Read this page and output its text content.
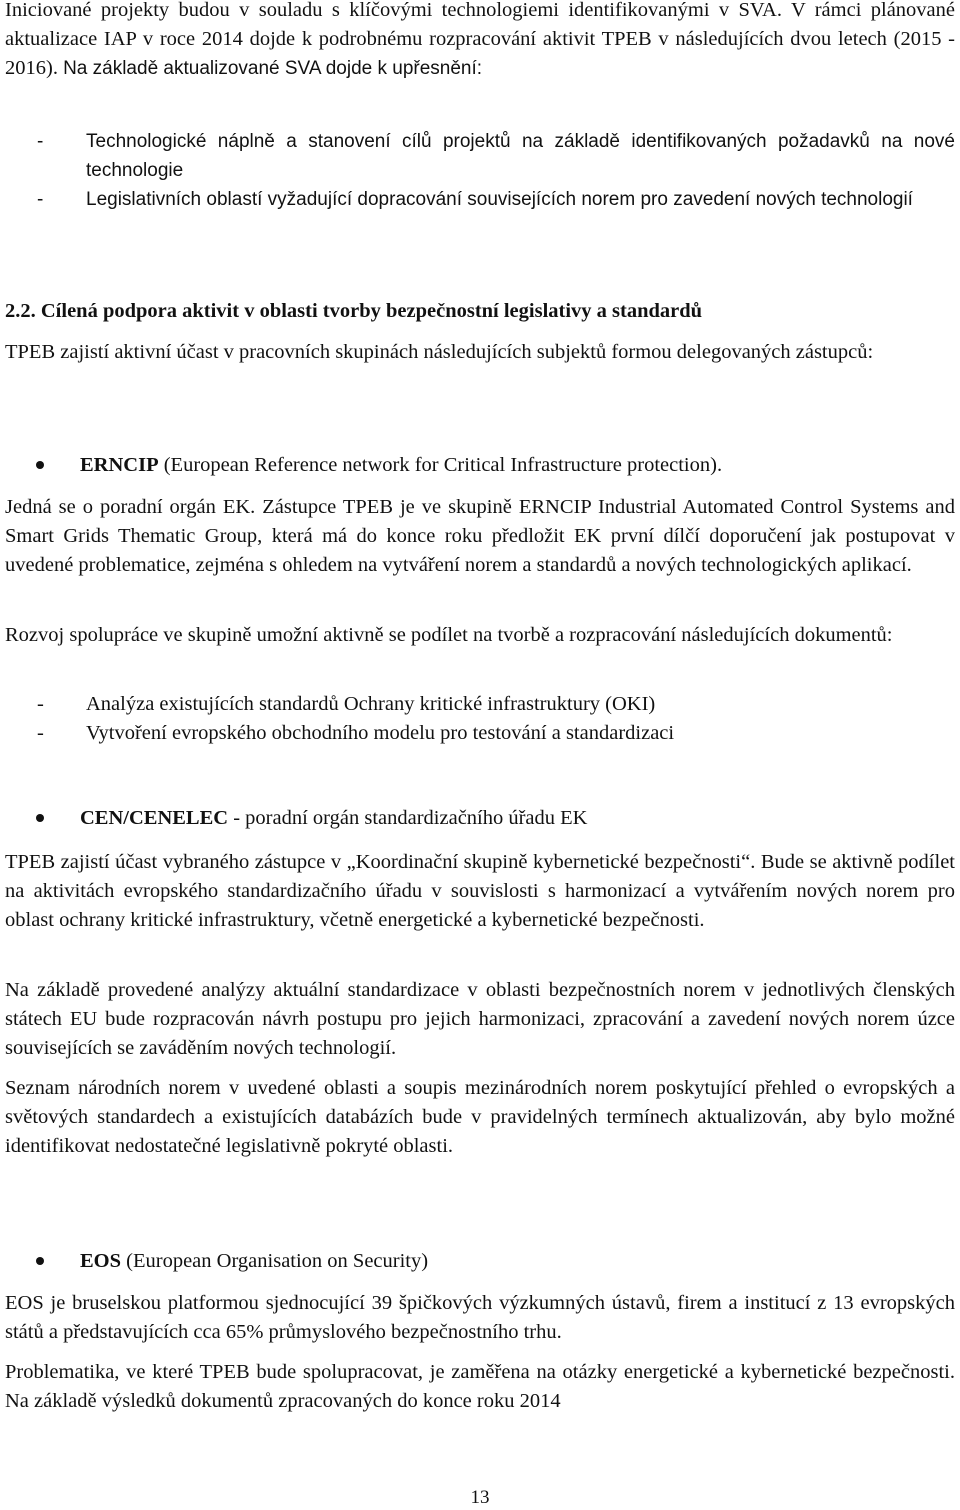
Iniciované projekty budou v souladu s klíčovými technologiemi identifikovanými v SVA. V rámci plánované aktualizace IAP v roce 2014 dojde k podrobnému rozpracování aktivit TPEB v následujících dvou letech (2015 - 2016). Na základě aktualizované SVA dojde k upřesnění:

- Technologické náplně a stanovení cílů projektů na základě identifikovaných požadavků na nové technologie
- Legislativních oblastí vyžadující dopracování souvisejících norem pro zavedení nových technologií

2.2. Cílená podpora aktivit v oblasti tvorby bezpečnostní legislativy a standardů

TPEB zajistí aktivní účast v pracovních skupinách následujících subjektů formou delegovaných zástupců:

ERNCIP (European Reference network for Critical Infrastructure protection).

Jedná se o poradní orgán EK. Zástupce TPEB je ve skupině ERNCIP Industrial Automated Control Systems and Smart Grids Thematic Group, která má do konce roku předložit EK první dílčí doporučení jak postupovat v uvedené problematice, zejména s ohledem na vytváření norem a standardů a nových technologických aplikací.

Rozvoj spolupráce ve skupině umožní aktivně se podílet na tvorbě a rozpracování následujících dokumentů:

- Analýza existujících standardů Ochrany kritické infrastruktury (OKI)
- Vytvoření evropského obchodního modelu pro testování a standardizaci
CEN/CENELEC - poradní orgán standardizačního úřadu EK

TPEB zajistí účast vybraného zástupce v „Koordinační skupině kybernetické bezpečnosti“. Bude se aktivně podílet na aktivitách evropského standardizačního úřadu v souvislosti s harmonizací a vytvářením nových norem pro oblast ochrany kritické infrastruktury, včetně energetické a kybernetické bezpečnosti.

Na základě provedené analýzy aktuální standardizace v oblasti bezpečnostních norem v jednotlivých členských státech EU bude rozpracován návrh postupu pro jejich harmonizaci, zpracování a zavedení nových norem úzce souvisejících se zaváděním nových technologií.

Seznam národních norem v uvedené oblasti a soupis mezinárodních norem poskytující přehled o evropských a světových standardech a existujících databázích bude v pravidelných termínech aktualizován, aby bylo možné identifikovat nedostatečné legislativně pokryté oblasti.

EOS (European Organisation on Security)

EOS je bruselskou platformou sjednocující 39 špičkových výzkumných ústavů, firem a institucí z 13 evropských států a představujících cca 65% průmyslového bezpečnostního trhu.

Problematika, ve které TPEB bude spolupracovat, je zaměřena na otázky energetické a kybernetické bezpečnosti. Na základě výsledků dokumentů zpracovaných do konce roku 2014

13
